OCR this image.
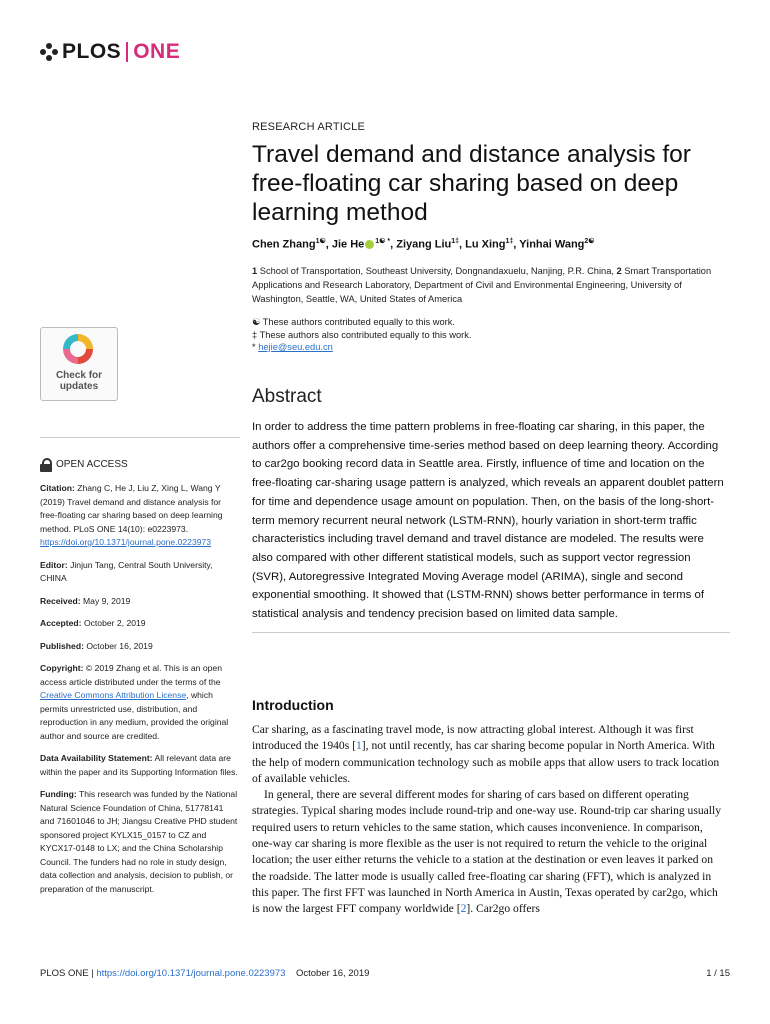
PLOS ONE
RESEARCH ARTICLE
Travel demand and distance analysis for free-floating car sharing based on deep learning method
Chen Zhang$^{1☯}$, Jie He $^{1☯ *}$, Ziyang Liu$^{1\ddagger}$, Lu Xing$^{1\ddagger}$, Yinhai Wang$^{2☯}$
1 School of Transportation, Southeast University, Dongnandaxuelu, Nanjing, P.R. China, 2 Smart Transportation Applications and Research Laboratory, Department of Civil and Environmental Engineering, University of Washington, Seattle, WA, United States of America
☯ These authors contributed equally to this work.
‡ These authors also contributed equally to this work.
* hejie@seu.edu.cn
Check for
updates	Abstract
In order to address the time pattern problems in free-floating car sharing, in this paper, the authors offer a comprehensive time-series method based on deep learning theory. According to car2go booking record data in Seattle area. Firstly, influence of time and location on the free-floating car-sharing usage pattern is analyzed, which reveals an apparent doublet pattern for time and dependence usage amount on population. Then, on the basis of the long-short-term memory recurrent neural network (LSTM-RNN), hourly variation in short-term traffic characteristics including travel demand and travel distance are modeled. The results were also compared with other different statistical models, such as support vector regression (SVR), Autoregressive Integrated Moving Average model (ARIMA), single and second exponential smoothing. It showed that (LSTM-RNN) shows better performance in terms of statistical analysis and tendency precision based on limited data sample.
OPEN ACCESS
Citation: Zhang C, He J, Liu Z, Xing L, Wang Y (2019) Travel demand and distance analysis for free-floating car sharing based on deep learning method. PLoS ONE 14(10): e0223973. https://doi.org/10.1371/journal.pone.0223973
Editor: Jinjun Tang, Central South University, CHINA
Received: May 9, 2019
Accepted: October 2, 2019
Published: October 16, 2019
Copyright: © 2019 Zhang et al. This is an open access article distributed under the terms of the Creative Commons Attribution License, which permits unrestricted use, distribution, and reproduction in any medium, provided the original author and source are credited.
Data Availability Statement: All relevant data are within the paper and its Supporting Information files.
Funding: This research was funded by the National Natural Science Foundation of China, 51778141 and 71601046 to JH; Jiangsu Creative PHD student sponsored project KYLX15_0157 to CZ and KYCX17-0148 to LX; and the China Scholarship Council. The funders had no role in study design, data collection and analysis, decision to publish, or preparation of the manuscript.
Introduction

Car sharing, as a fascinating travel mode, is now attracting global interest. Although it was first introduced the 1940s [1], not until recently, has car sharing become popular in North America. With the help of modern communication technology such as mobile apps that allow users to track location of available vehicles.

In general, there are several different modes for sharing of cars based on different operating strategies. Typical sharing modes include round-trip and one-way use. Round-trip car sharing usually required users to return vehicles to the same station, which causes inconvenience. In comparison, one-way car sharing is more flexible as the user is not required to return the vehicle to the original location; the user either returns the vehicle to a station at the destination or even leaves it parked on the roadside. The latter mode is usually called free-floating car sharing (FFT), which is analyzed in this paper. The first FFT was launched in North America in Austin, Texas operated by car2go, which is now the largest FFT company worldwide [2]. Car2go offers

PLOS ONE | https://doi.org/10.1371/journal.pone.0223973 October 16, 2019	1 / 15
